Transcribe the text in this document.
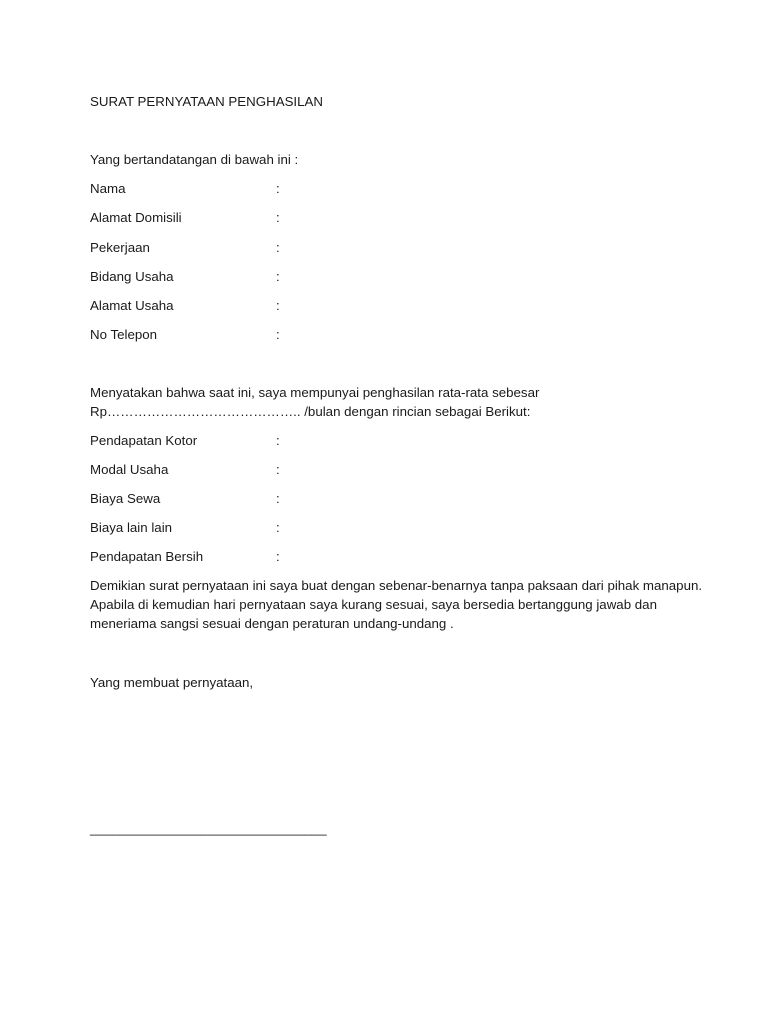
SURAT PERNYATAAN PENGHASILAN
Yang bertandatangan di bawah ini :
Nama	:
Alamat Domisili	:
Pekerjaan	:
Bidang Usaha	:
Alamat Usaha	:
No Telepon	:
Menyatakan bahwa saat ini, saya mempunyai penghasilan rata-rata sebesar
Rp…………………………………….. /bulan dengan rincian sebagai Berikut:
Pendapatan Kotor	:
Modal Usaha	:
Biaya Sewa	:
Biaya lain lain	:
Pendapatan Bersih	:
Demikian surat pernyataan ini saya buat dengan sebenar-benarnya tanpa paksaan dari pihak manapun.
Apabila di kemudian hari pernyataan saya kurang sesuai, saya bersedia bertanggung jawab dan
meneriama sangsi sesuai dengan peraturan undang-undang .
Yang membuat pernyataan,
________________________________
